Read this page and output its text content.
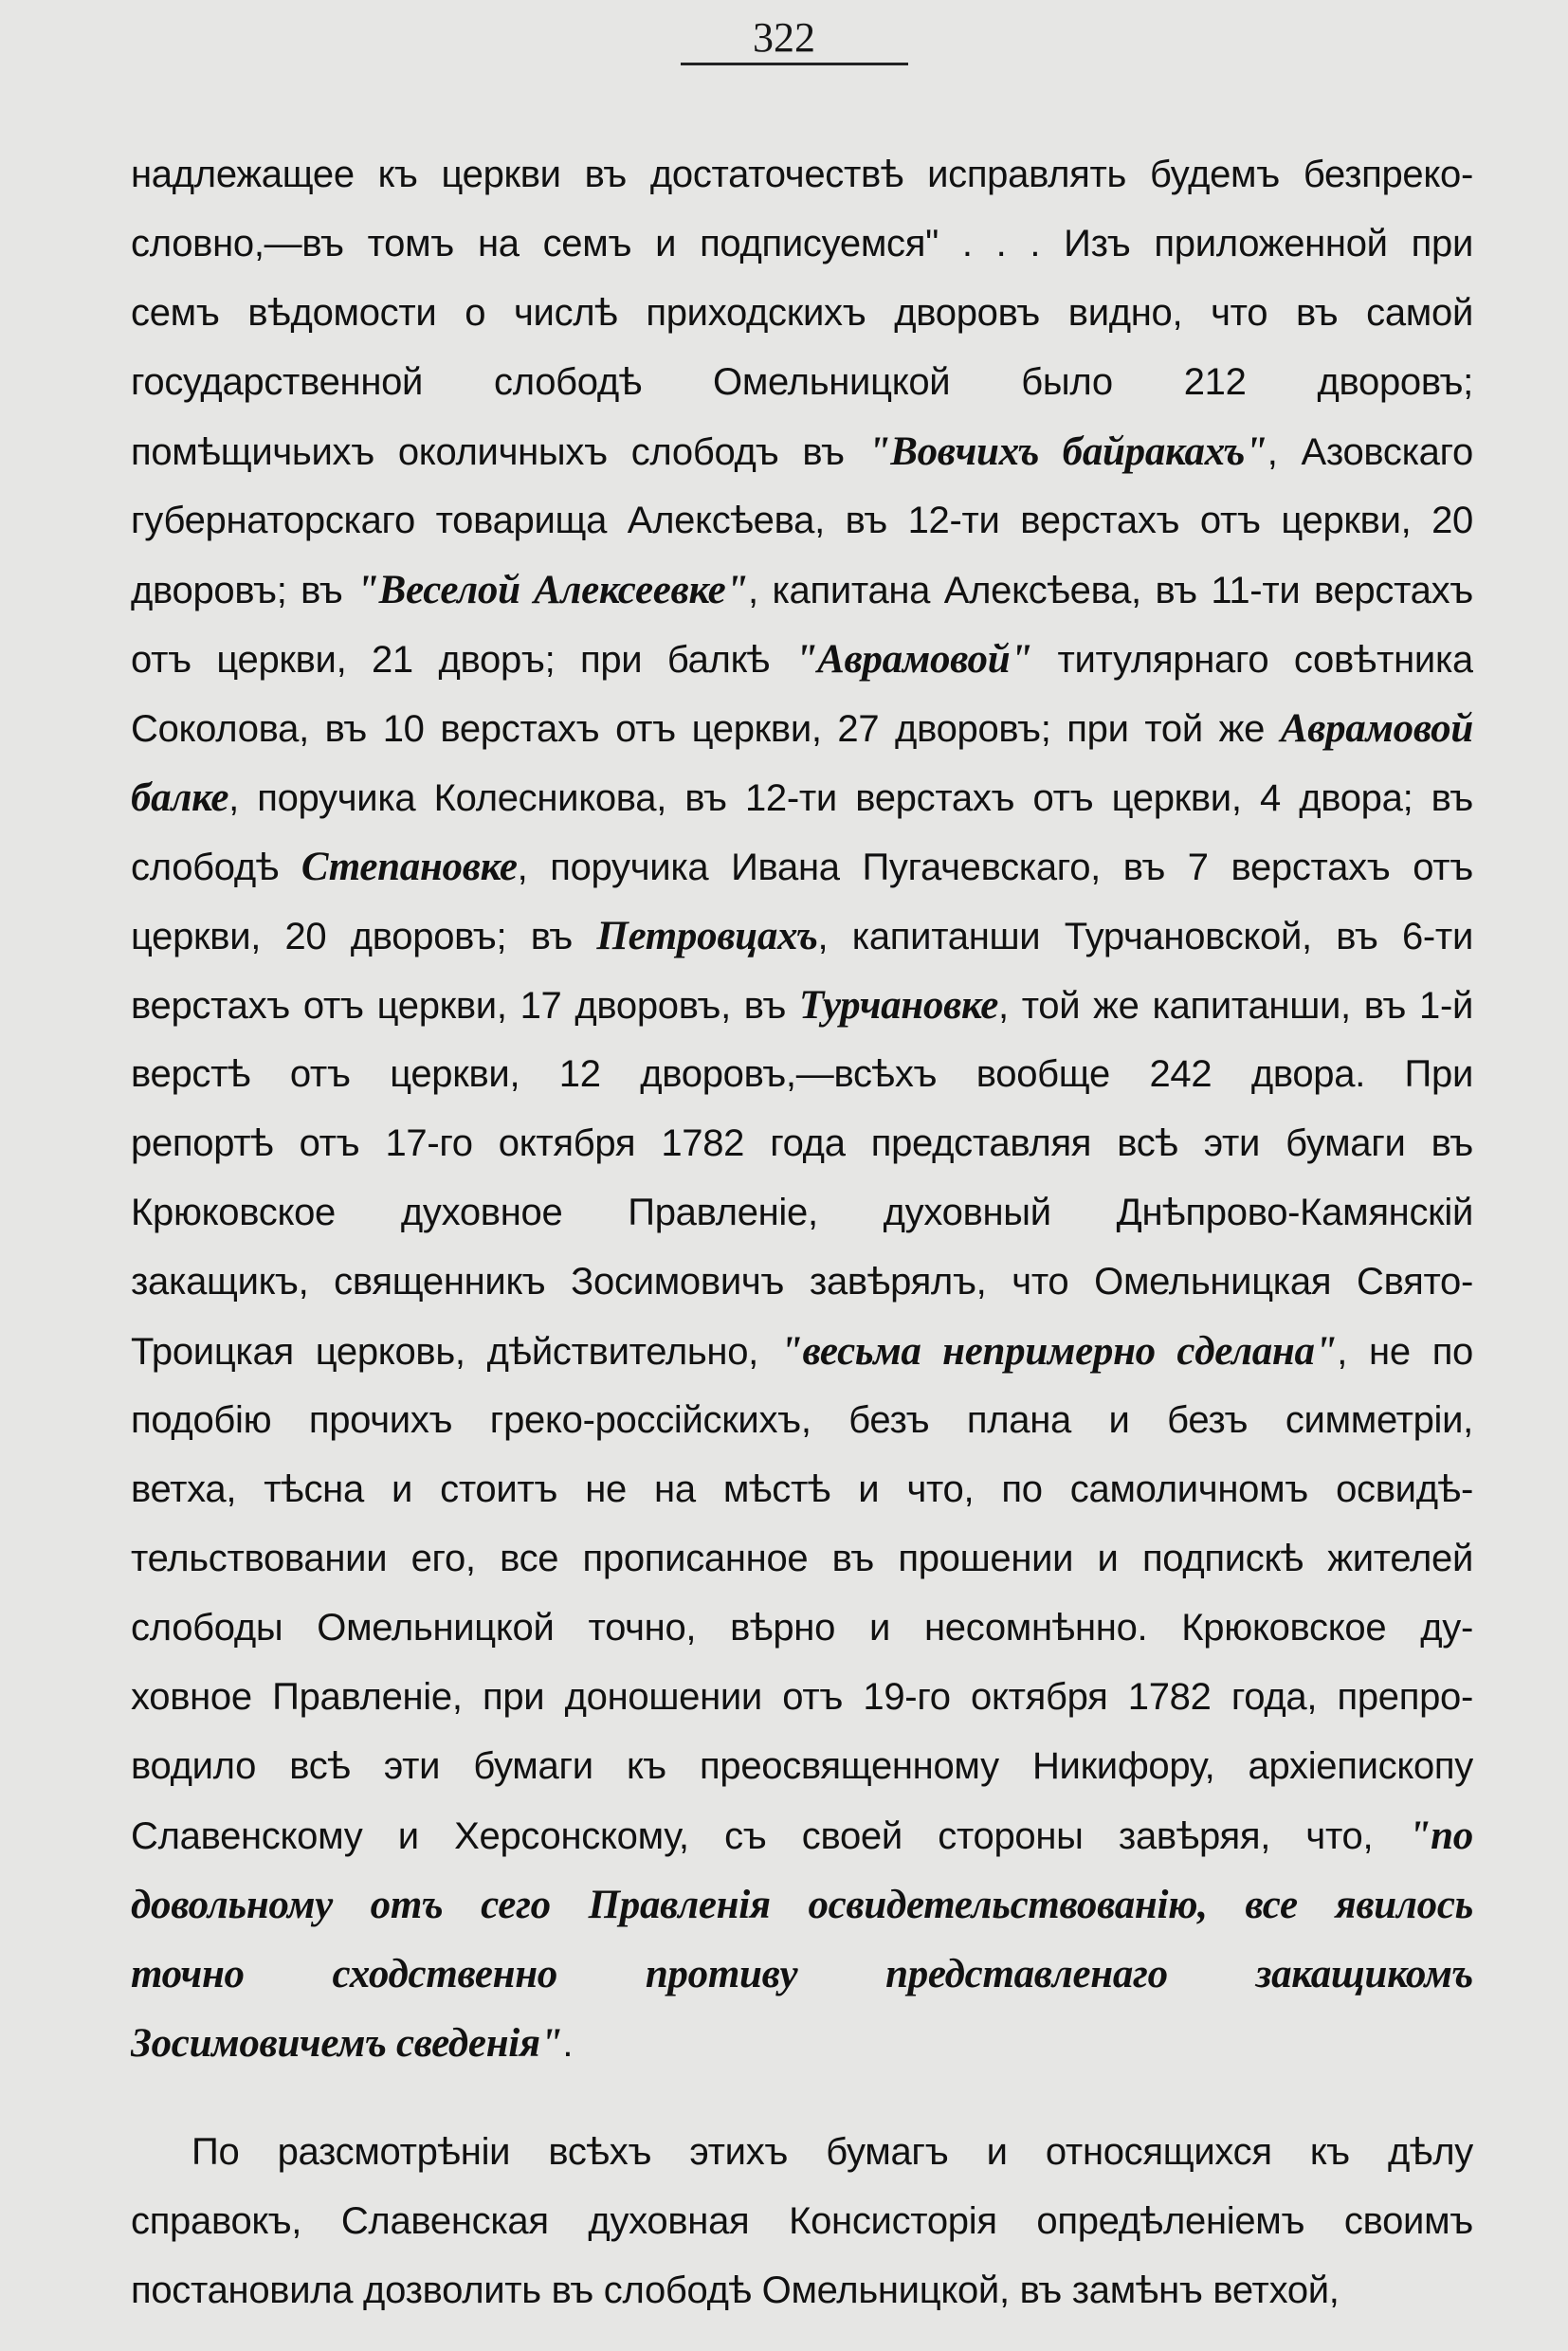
322
надлежащее къ церкви въ достаточествѣ исправлять будемъ безпреко-
словно,—въ томъ на семъ и подписуемся" . . . Изъ приложенной при
семъ вѣдомости о числѣ приходскихъ дворовъ видно, что въ самой
государственной слободѣ Омельницкой было 212 дворовъ;
помѣщичьихъ околичныхъ слободъ въ "Вовчихъ байракахъ", Азовскаго
губернаторскаго товарища Алексѣева, въ 12-ти верстахъ отъ церкви, 20
дворовъ; въ "Веселой Алексеевке", капитана Алексѣева, въ 11-ти верстахъ
отъ церкви, 21 дворъ; при балкѣ "Аврамовой" титулярнаго совѣтника
Соколова, въ 10 верстахъ отъ церкви, 27 дворовъ; при той же Аврамовой
балке, поручика Колесникова, въ 12-ти верстахъ отъ церкви, 4 двора; въ
слободѣ Степановке, поручика Ивана Пугачевскаго, въ 7 верстахъ отъ
церкви, 20 дворовъ; въ Петровцахъ, капитанши Турчановской, въ 6-ти
верстахъ отъ церкви, 17 дворовъ, въ Турчановке, той же капитанши, въ 1-й
верстѣ отъ церкви, 12 дворовъ,—всѣхъ вообще 242 двора. При
репортѣ отъ 17-го октября 1782 года представляя всѣ эти бумаги въ
Крюковское духовное Правленіе, духовный Днѣпрово-Камянскій
закащикъ, священникъ Зосимовичъ завѣрялъ, что Омельницкая Свято-
Троицкая церковь, дѣйствительно, "весьма непримерно сделана", не по
подобію прочихъ греко-россійскихъ, безъ плана и безъ симметріи,
ветха, тѣсна и стоитъ не на мѣстѣ и что, по самоличномъ освидѣ-
тельствовании его, все прописанное въ прошении и подпискѣ жителей
слободы Омельницкой точно, вѣрно и несомнѣнно. Крюковское ду-
ховное Правленіе, при доношении отъ 19-го октября 1782 года, препро-
водило всѣ эти бумаги къ преосвященному Никифору, архіепископу
Славенскому и Херсонскому, съ своей стороны завѣряя, что, "по
довольному отъ сего Правленія освидетельствованію, все явилось
точно сходственно противу представленаго закащикомъ
Зосимовичемъ сведенія".
По разсмотрѣніи всѣхъ этихъ бумагъ и относящихся къ дѣлу
справокъ, Славенская духовная Консисторія опредѣленіемъ своимъ
постановила дозволить въ слободѣ Омельницкой, въ замѣнъ ветхой,
